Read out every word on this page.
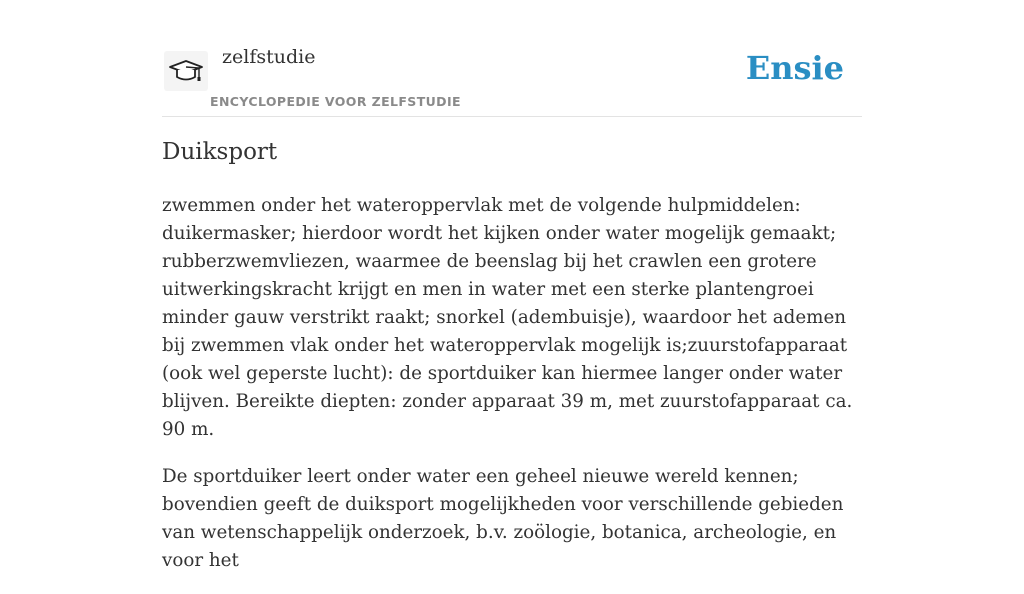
zelfstudie
ENCYCLOPEDIE VOOR ZELFSTUDIE
Ensie
Duiksport

zwemmen onder het wateroppervlak met de volgende hulpmiddelen: duikermasker; hierdoor wordt het kijken onder water mogelijk gemaakt; rubberzwemvliezen, waarmee de beenslag bij het crawlen een grotere uitwerkingskracht krijgt en men in water met een sterke plantengroei minder gauw verstrikt raakt; snorkel (adembuisje), waardoor het ademen bij zwemmen vlak onder het wateroppervlak mogelijk is;zuurstofapparaat (ook wel geperste lucht): de sportduiker kan hiermee langer onder water blijven. Bereikte diepten: zonder apparaat 39 m, met zuurstofapparaat ca. 90 m.

De sportduiker leert onder water een geheel nieuwe wereld kennen; bovendien geeft de duiksport mogelijkheden voor verschillende gebieden van wetenschappelijk onderzoek, b.v. zoölogie, botanica, archeologie, en voor het
